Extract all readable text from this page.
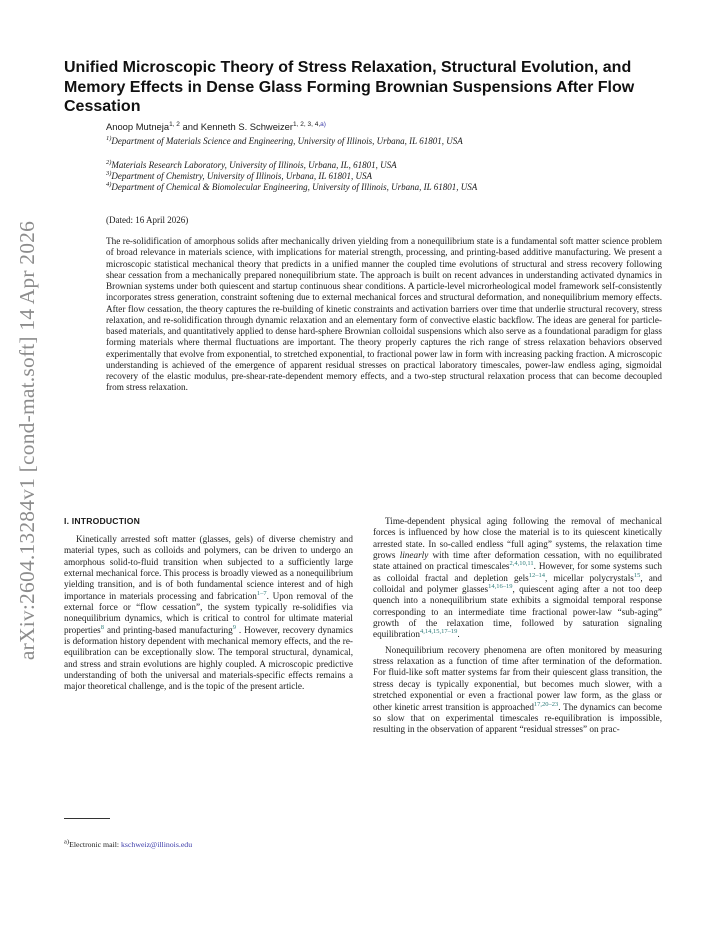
arXiv:2604.13284v1 [cond-mat.soft] 14 Apr 2026
Unified Microscopic Theory of Stress Relaxation, Structural Evolution, and Memory Effects in Dense Glass Forming Brownian Suspensions After Flow Cessation
Anoop Mutneja$^{1, 2}$ and Kenneth S. Schweizer$^{1, 2, 3, 4,a)}$
$^{1)}$Department of Materials Science and Engineering, University of Illinois, Urbana, IL 61801, USA
$^{2)}$Materials Research Laboratory, University of Illinois, Urbana, IL, 61801, USA
$^{3)}$Department of Chemistry, University of Illinois, Urbana, IL 61801, USA
$^{4)}$Department of Chemical & Biomolecular Engineering, University of Illinois, Urbana, IL 61801, USA
(Dated: 16 April 2026)
The re-solidification of amorphous solids after mechanically driven yielding from a nonequilibrium state is a fundamental soft matter science problem of broad relevance in materials science, with implications for material strength, processing, and printing-based additive manufacturing. We present a microscopic statistical mechanical theory that predicts in a unified manner the coupled time evolutions of structural and stress recovery following shear cessation from a mechanically prepared nonequilibrium state. The approach is built on recent advances in understanding activated dynamics in Brownian systems under both quiescent and startup continuous shear conditions. A particle-level microrheological model framework self-consistently incorporates stress generation, constraint softening due to external mechanical forces and structural deformation, and nonequilibrium memory effects. After flow cessation, the theory captures the re-building of kinetic constraints and activation barriers over time that underlie structural recovery, stress relaxation, and re-solidification through dynamic relaxation and an elementary form of convective elastic backflow. The ideas are general for particle-based materials, and quantitatively applied to dense hard-sphere Brownian colloidal suspensions which also serve as a foundational paradigm for glass forming materials where thermal fluctuations are important. The theory properly captures the rich range of stress relaxation behaviors observed experimentally that evolve from exponential, to stretched exponential, to fractional power law in form with increasing packing fraction. A microscopic understanding is achieved of the emergence of apparent residual stresses on practical laboratory timescales, power-law endless aging, sigmoidal recovery of the elastic modulus, pre-shear-rate-dependent memory effects, and a two-step structural relaxation process that can become decoupled from stress relaxation.
I. INTRODUCTION

Kinetically arrested soft matter (glasses, gels) of diverse chemistry and material types, such as colloids and polymers, can be driven to undergo an amorphous solid-to-fluid transition when subjected to a sufficiently large external mechanical force. This process is broadly viewed as a nonequilibrium yielding transition, and is of both fundamental science interest and of high importance in materials processing and fabrication$^{1-7}$. Upon removal of the external force or “flow cessation”, the system typically re-solidifies via nonequilibrium dynamics, which is critical to control for ultimate material properties$^8$ and printing-based manufacturing$^9$ . However, recovery dynamics is deformation history dependent with mechanical memory effects, and the re-equilibration can be exceptionally slow. The temporal structural, dynamical, and stress and strain evolutions are highly coupled. A microscopic predictive understanding of both the universal and materials-specific effects remains a major theoretical challenge, and is the topic of the present article.

$^{a)}$Electronic mail: kschweiz@illinois.edu

Time-dependent physical aging following the removal of mechanical forces is influenced by how close the material is to its quiescent kinetically arrested state. In so-called endless “full aging” systems, the relaxation time grows linearly with time after deformation cessation, with no equilibrated state attained on practical timescales$^{2,4,10,11}$. However, for some systems such as colloidal fractal and depletion gels$^{12-14}$, micellar polycrystals$^{15}$, and colloidal and polymer glasses$^{14,16-19}$, quiescent aging after a not too deep quench into a nonequilibrium state exhibits a sigmoidal temporal response corresponding to an intermediate time fractional power-law “sub-aging” growth of the relaxation time, followed by saturation signaling equilibration$^{4,14,15,17-19}$.

Nonequilibrium recovery phenomena are often monitored by measuring stress relaxation as a function of time after termination of the deformation. For fluid-like soft matter systems far from their quiescent glass transition, the stress decay is typically exponential, but becomes much slower, with a stretched exponential or even a fractional power law form, as the glass or other kinetic arrest transition is approached$^{17,20-23}$. The dynamics can become so slow that on experimental timescales re-equilibration is impossible, resulting in the observation of apparent “residual stresses” on prac-
